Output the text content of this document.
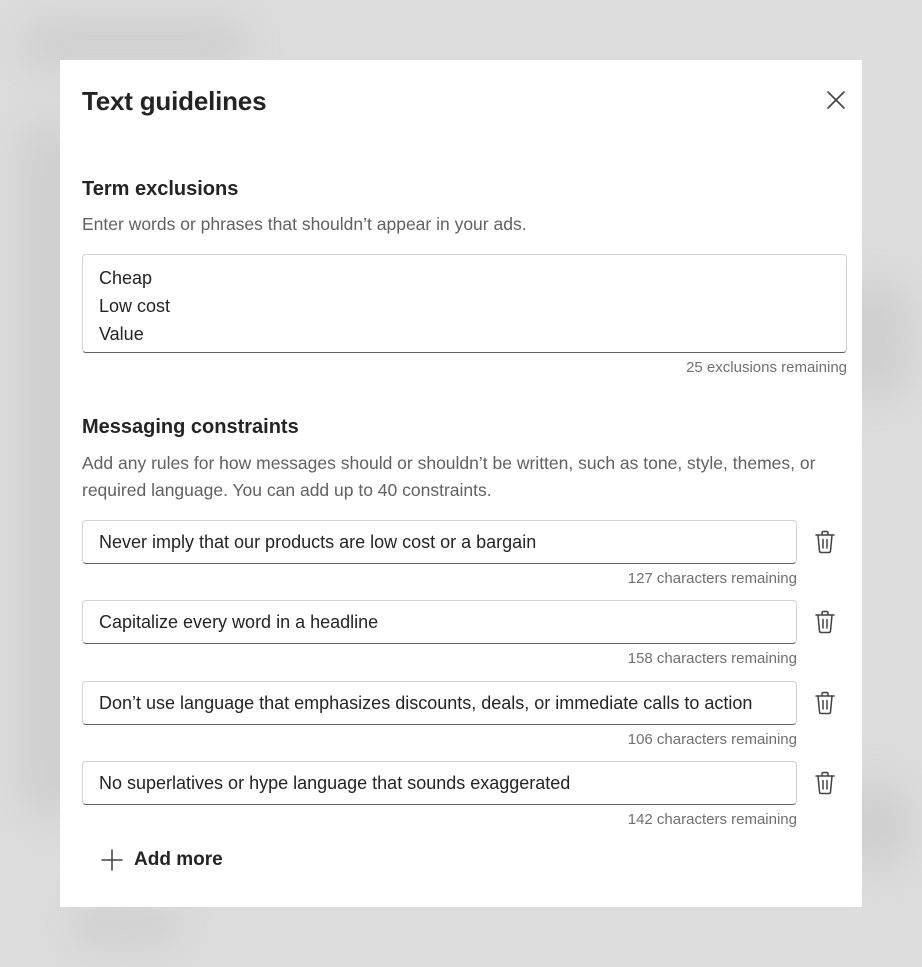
Text guidelines
Term exclusions
Enter words or phrases that shouldn’t appear in your ads.
Cheap
Low cost
Value
25 exclusions remaining
Messaging constraints
Add any rules for how messages should or shouldn’t be written, such as tone, style, themes, or required language. You can add up to 40 constraints.
Never imply that our products are low cost or a bargain
127 characters remaining
Capitalize every word in a headline
158 characters remaining
Don’t use language that emphasizes discounts, deals, or immediate calls to action
106 characters remaining
No superlatives or hype language that sounds exaggerated
142 characters remaining
Add more
